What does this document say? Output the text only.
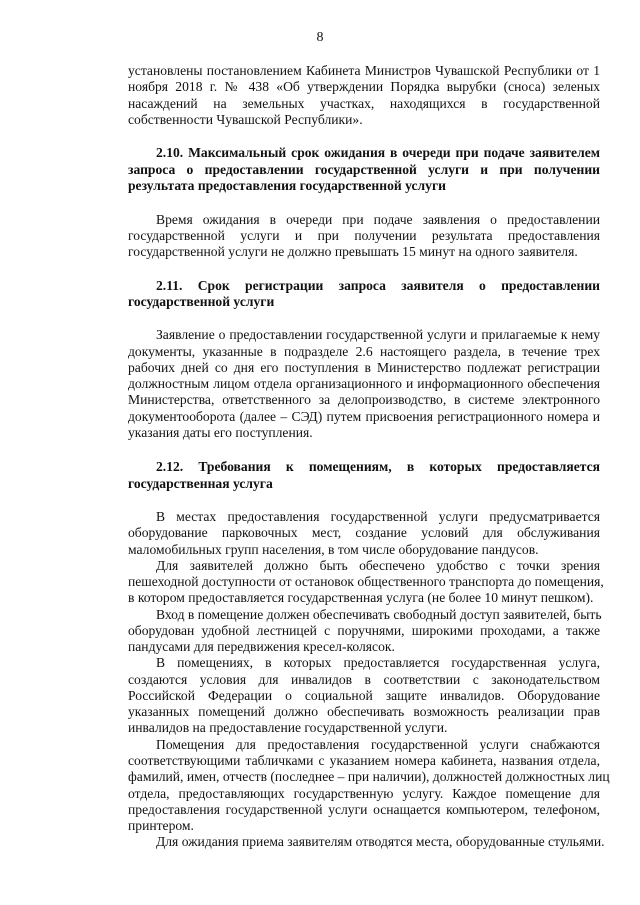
8
установлены постановлением Кабинета Министров Чувашской Республики от 1
ноября 2018 г. № 438 «Об утверждении Порядка вырубки (сноса) зеленых
насаждений на земельных участках, находящихся в государственной
собственности Чувашской Республики».
2.10. Максимальный срок ожидания в очереди при подаче заявителем
запроса о предоставлении государственной услуги и при получении
результата предоставления государственной услуги
Время ожидания в очереди при подаче заявления о предоставлении
государственной услуги и при получении результата предоставления
государственной услуги не должно превышать 15 минут на одного заявителя.
2.11. Срок регистрации запроса заявителя о предоставлении
государственной услуги
Заявление о предоставлении государственной услуги и прилагаемые к нему
документы, указанные в подразделе 2.6 настоящего раздела, в течение трех
рабочих дней со дня его поступления в Министерство подлежат регистрации
должностным лицом отдела организационного и информационного обеспечения
Министерства, ответственного за делопроизводство, в системе электронного
документооборота (далее – СЭД) путем присвоения регистрационного номера и
указания даты его поступления.
2.12. Требования к помещениям, в которых предоставляется
государственная услуга
В местах предоставления государственной услуги предусматривается
оборудование парковочных мест, создание условий для обслуживания
маломобильных групп населения, в том числе оборудование пандусов.
Для заявителей должно быть обеспечено удобство с точки зрения
пешеходной доступности от остановок общественного транспорта до помещения,
в котором предоставляется государственная услуга (не более 10 минут пешком).
Вход в помещение должен обеспечивать свободный доступ заявителей, быть
оборудован удобной лестницей с поручнями, широкими проходами, а также
пандусами для передвижения кресел-колясок.
В помещениях, в которых предоставляется государственная услуга,
создаются условия для инвалидов в соответствии с законодательством
Российской Федерации о социальной защите инвалидов. Оборудование
указанных помещений должно обеспечивать возможность реализации прав
инвалидов на предоставление государственной услуги.
Помещения для предоставления государственной услуги снабжаются
соответствующими табличками с указанием номера кабинета, названия отдела,
фамилий, имен, отчеств (последнее – при наличии), должностей должностных лиц
отдела, предоставляющих государственную услугу. Каждое помещение для
предоставления государственной услуги оснащается компьютером, телефоном,
принтером.
Для ожидания приема заявителям отводятся места, оборудованные стульями.
